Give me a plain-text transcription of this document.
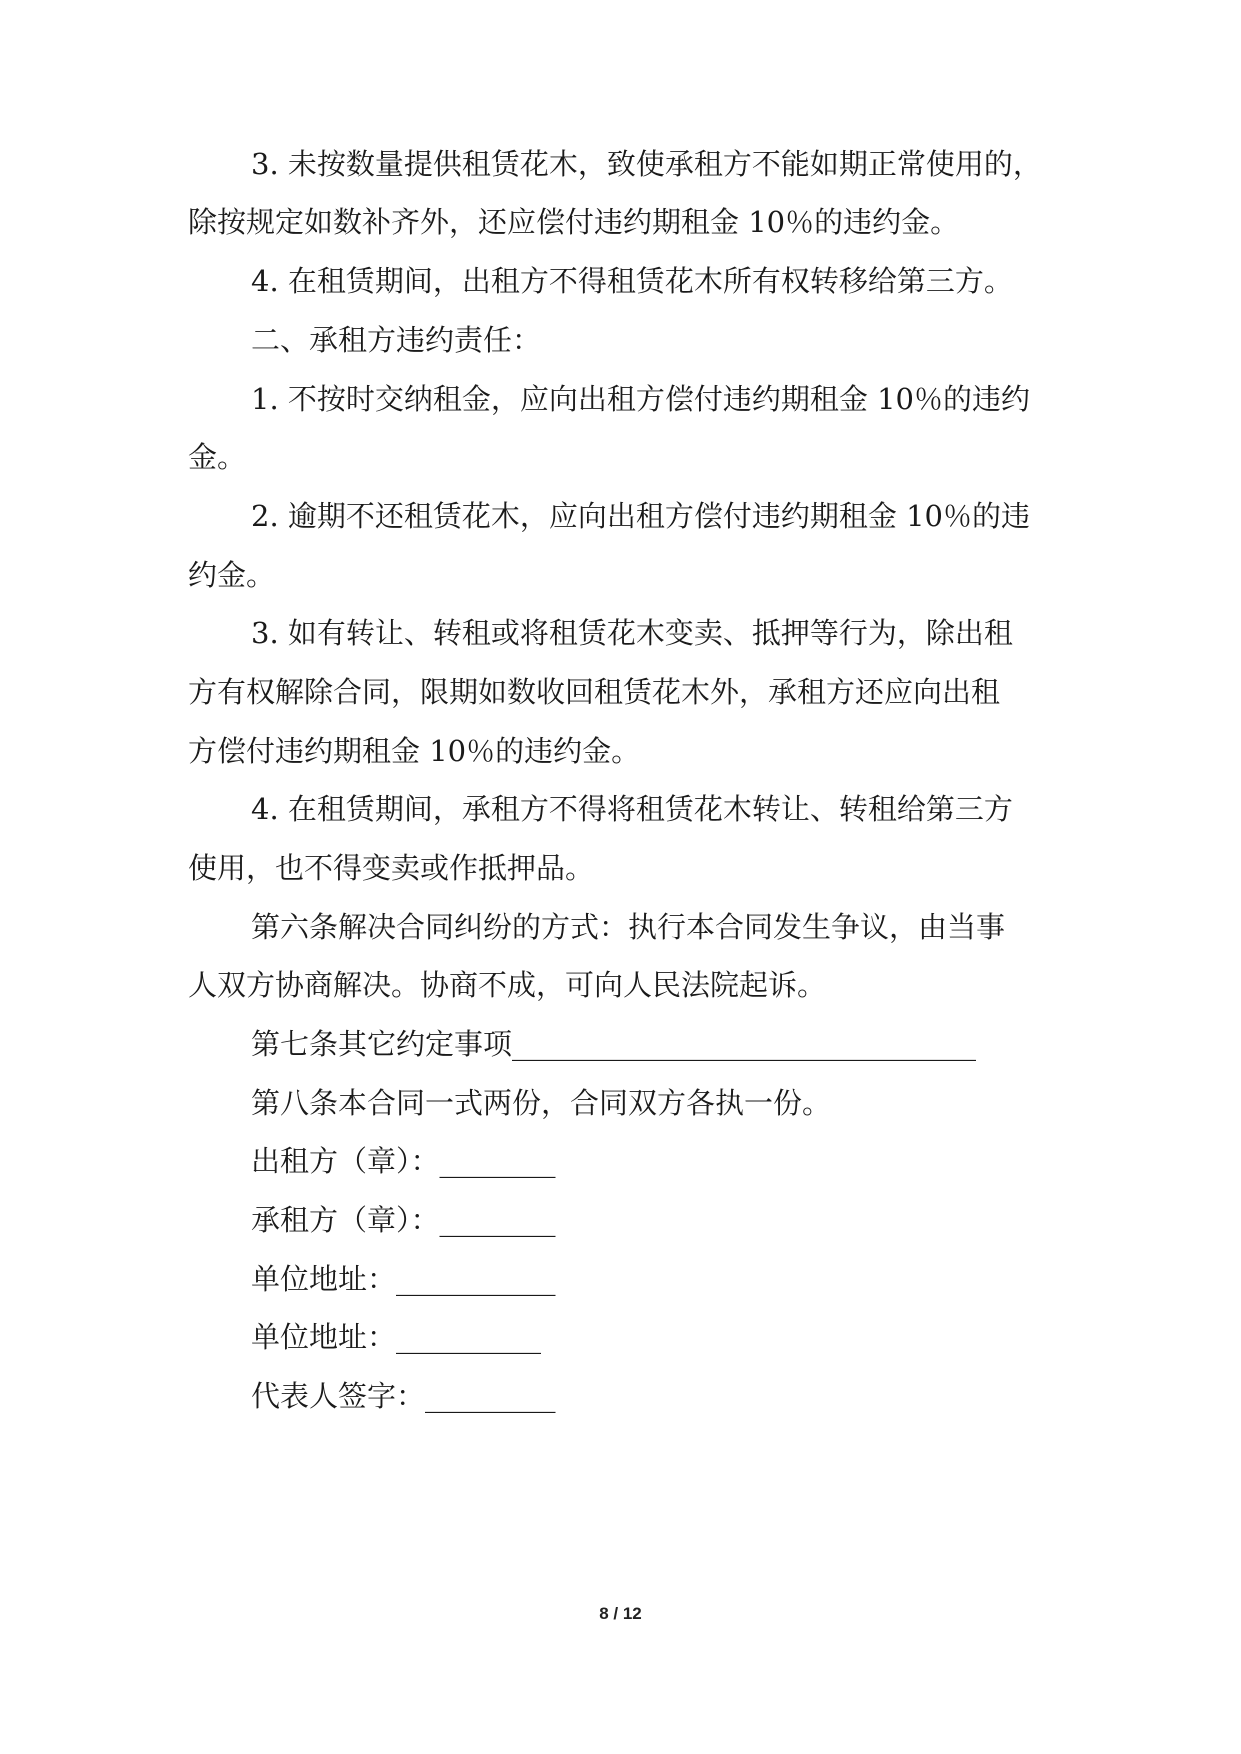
3. 未按数量提供租赁花木，致使承租方不能如期正常使用的，
除按规定如数补齐外，还应偿付违约期租金 10％的违约金。
4. 在租赁期间，出租方不得租赁花木所有权转移给第三方。
二、承租方违约责任：
1. 不按时交纳租金，应向出租方偿付违约期租金 10％的违约
金。
2. 逾期不还租赁花木，应向出租方偿付违约期租金 10％的违
约金。
3. 如有转让、转租或将租赁花木变卖、抵押等行为，除出租
方有权解除合同，限期如数收回租赁花木外，承租方还应向出租
方偿付违约期租金 10％的违约金。
4. 在租赁期间，承租方不得将租赁花木转让、转租给第三方
使用，也不得变卖或作抵押品。
第六条解决合同纠纷的方式：执行本合同发生争议，由当事
人双方协商解决。协商不成，可向人民法院起诉。
第七条其它约定事项________________________________
第八条本合同一式两份，合同双方各执一份。
出租方（章）：________
承租方（章）：________
单位地址：___________
单位地址：__________
代表人签字：_________
8 / 12
